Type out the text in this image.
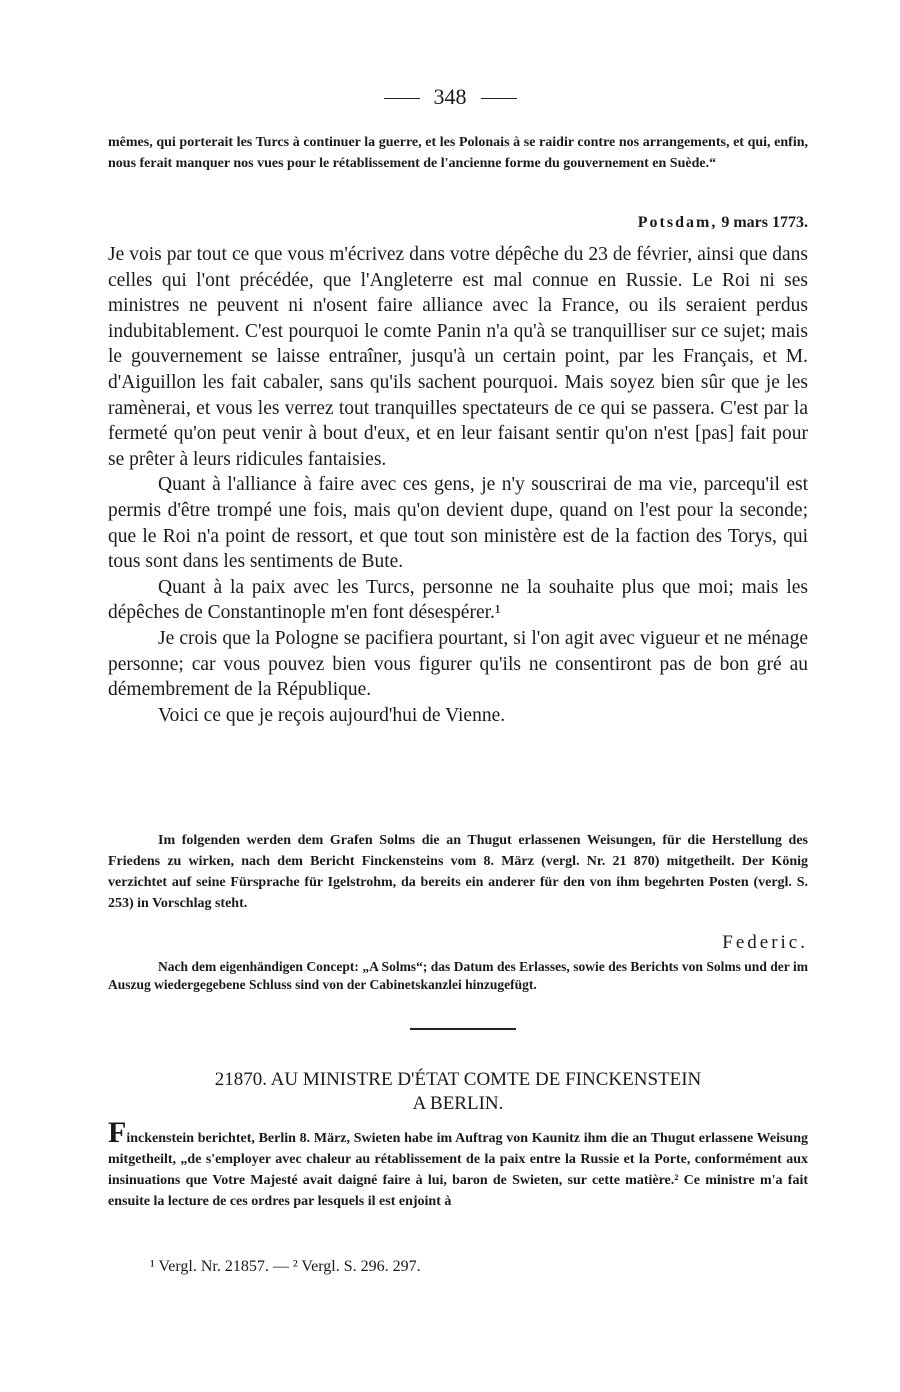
348

mêmes, qui porterait les Turcs à continuer la guerre, et les Polonais à se raidir contre nos arrangements, et qui, enfin, nous ferait manquer nos vues pour le rétablissement de l'ancienne forme du gouvernement en Suède.“

Potsdam, 9 mars 1773.

Je vois par tout ce que vous m'écrivez dans votre dépêche du 23 de février, ainsi que dans celles qui l'ont précédée, que l'Angleterre est mal connue en Russie. Le Roi ni ses ministres ne peuvent ni n'osent faire alliance avec la France, ou ils seraient perdus indubitablement. C'est pourquoi le comte Panin n'a qu'à se tranquilliser sur ce sujet; mais le gouvernement se laisse entraîner, jusqu'à un certain point, par les Français, et M. d'Aiguillon les fait cabaler, sans qu'ils sachent pourquoi. Mais soyez bien sûr que je les ramènerai, et vous les verrez tout tranquilles spectateurs de ce qui se passera. C'est par la fermeté qu'on peut venir à bout d'eux, et en leur faisant sentir qu'on n'est [pas] fait pour se prêter à leurs ridicules fantaisies.

Quant à l'alliance à faire avec ces gens, je n'y souscrirai de ma vie, parcequ'il est permis d'être trompé une fois, mais qu'on devient dupe, quand on l'est pour la seconde; que le Roi n'a point de ressort, et que tout son ministère est de la faction des Torys, qui tous sont dans les sentiments de Bute.

Quant à la paix avec les Turcs, personne ne la souhaite plus que moi; mais les dépêches de Constantinople m'en font désespérer.¹

Je crois que la Pologne se pacifiera pourtant, si l'on agit avec vigueur et ne ménage personne; car vous pouvez bien vous figurer qu'ils ne consentiront pas de bon gré au démembrement de la République.

Voici ce que je reçois aujourd'hui de Vienne.

Im folgenden werden dem Grafen Solms die an Thugut erlassenen Weisungen, für die Herstellung des Friedens zu wirken, nach dem Bericht Finckensteins vom 8. März (vergl. Nr. 21 870) mitgetheilt. Der König verzichtet auf seine Fürsprache für Igelstrohm, da bereits ein anderer für den von ihm begehrten Posten (vergl. S. 253) in Vorschlag steht.

Federic.

Nach dem eigenhändigen Concept: „A Solms“; das Datum des Erlasses, sowie des Berichts von Solms und der im Auszug wiedergegebene Schluss sind von der Cabinetskanzlei hinzugefügt.

21870. AU MINISTRE D'ÉTAT COMTE DE FINCKENSTEIN
A BERLIN.

Finckenstein berichtet, Berlin 8. März, Swieten habe im Auftrag von Kaunitz ihm die an Thugut erlassene Weisung mitgetheilt, „de s'employer avec chaleur au rétablissement de la paix entre la Russie et la Porte, conformément aux insinuations que Votre Majesté avait daigné faire à lui, baron de Swieten, sur cette matière.² Ce ministre m'a fait ensuite la lecture de ces ordres par lesquels il est enjoint à

¹ Vergl. Nr. 21857. — ² Vergl. S. 296. 297.
